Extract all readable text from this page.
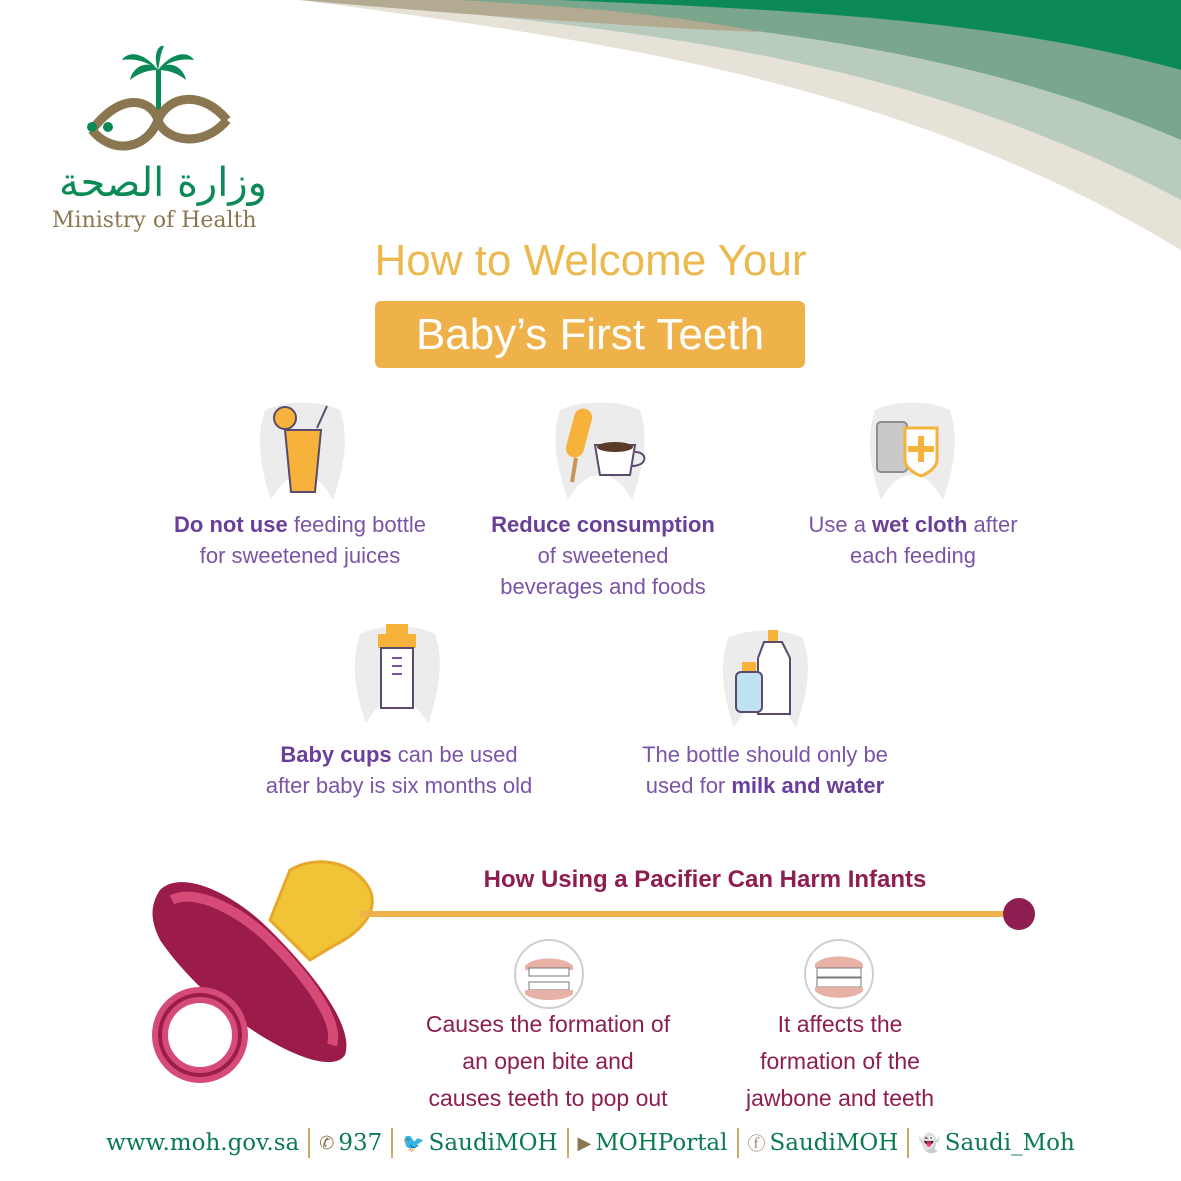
وزارة الصحة
Ministry of Health
How to Welcome Your
Baby’s First Teeth
Do not use feeding bottle
for sweetened juices
Reduce consumption
of sweetened
beverages and foods
Use a wet cloth after
each feeding
Baby cups can be used
after baby is six months old
The bottle should only be
used for milk and water
How Using a Pacifier Can Harm Infants
Causes the formation of
an open bite and
causes teeth to pop out
It affects the
formation of the
jawbone and teeth
www.moh.gov.sa ✆ 937 🐦 SaudiMOH ▶ MOHPortal ⓕ SaudiMOH 👻 Saudi_Moh
